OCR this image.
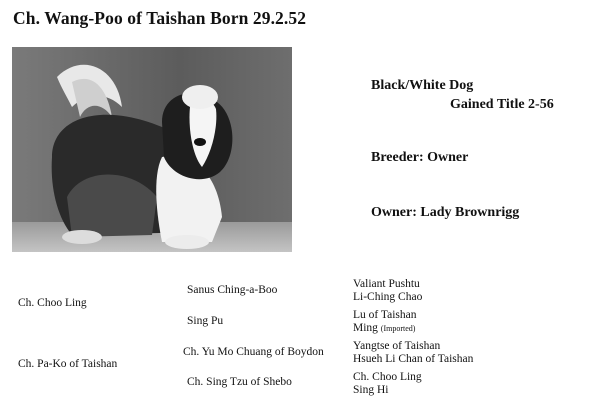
Ch. Wang-Poo of Taishan Born 29.2.52
Black/White Dog
Gained Title 2-56
Breeder: Owner
Owner: Lady Brownrigg
Ch. Choo Ling
Ch. Pa-Ko of Taishan
Sanus Ching-a-Boo
Sing Pu
Ch. Yu Mo Chuang of Boydon
Ch. Sing Tzu of Shebo
Valiant Pushtu
Li-Ching Chao
Lu of Taishan
Ming (Imported)
Yangtse of Taishan
Hsueh Li Chan of Taishan
Ch. Choo Ling
Sing Hi
